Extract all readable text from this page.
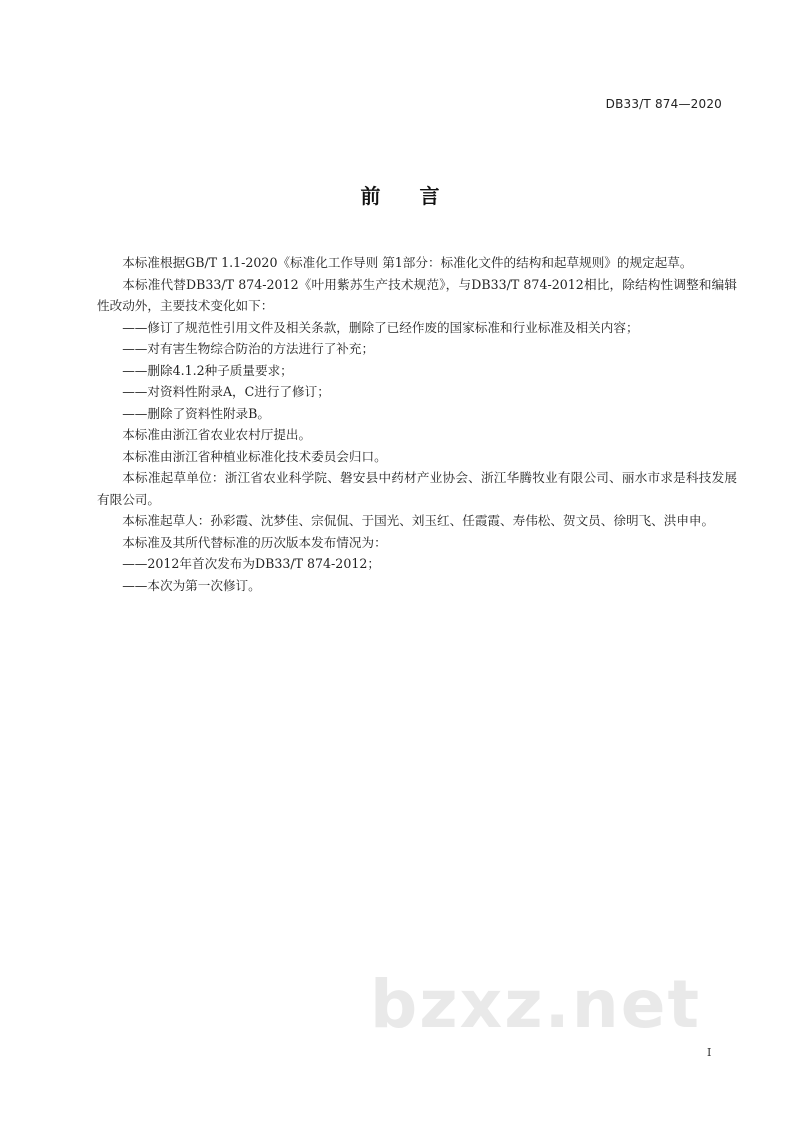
DB33/T 874—2020
前 言

本标准根据GB/T 1.1-2020《标准化工作导则 第1部分：标准化文件的结构和起草规则》的规定起草。

本标准代替DB33/T 874-2012《叶用紫苏生产技术规范》，与DB33/T 874-2012相比，除结构性调整和编辑性改动外，主要技术变化如下：

——修订了规范性引用文件及相关条款，删除了已经作废的国家标准和行业标准及相关内容；

——对有害生物综合防治的方法进行了补充；

——删除4.1.2种子质量要求；

——对资料性附录A，C进行了修订；

——删除了资料性附录B。

本标准由浙江省农业农村厅提出。

本标准由浙江省种植业标准化技术委员会归口。

本标准起草单位：浙江省农业科学院、磐安县中药材产业协会、浙江华腾牧业有限公司、丽水市求是科技发展有限公司。

本标准起草人：孙彩霞、沈梦佳、宗侃侃、于国光、刘玉红、任霞霞、寿伟松、贺文员、徐明飞、洪申申。

本标准及其所代替标准的历次版本发布情况为：

——2012年首次发布为DB33/T 874-2012；

——本次为第一次修订。

bzxz.net
I
